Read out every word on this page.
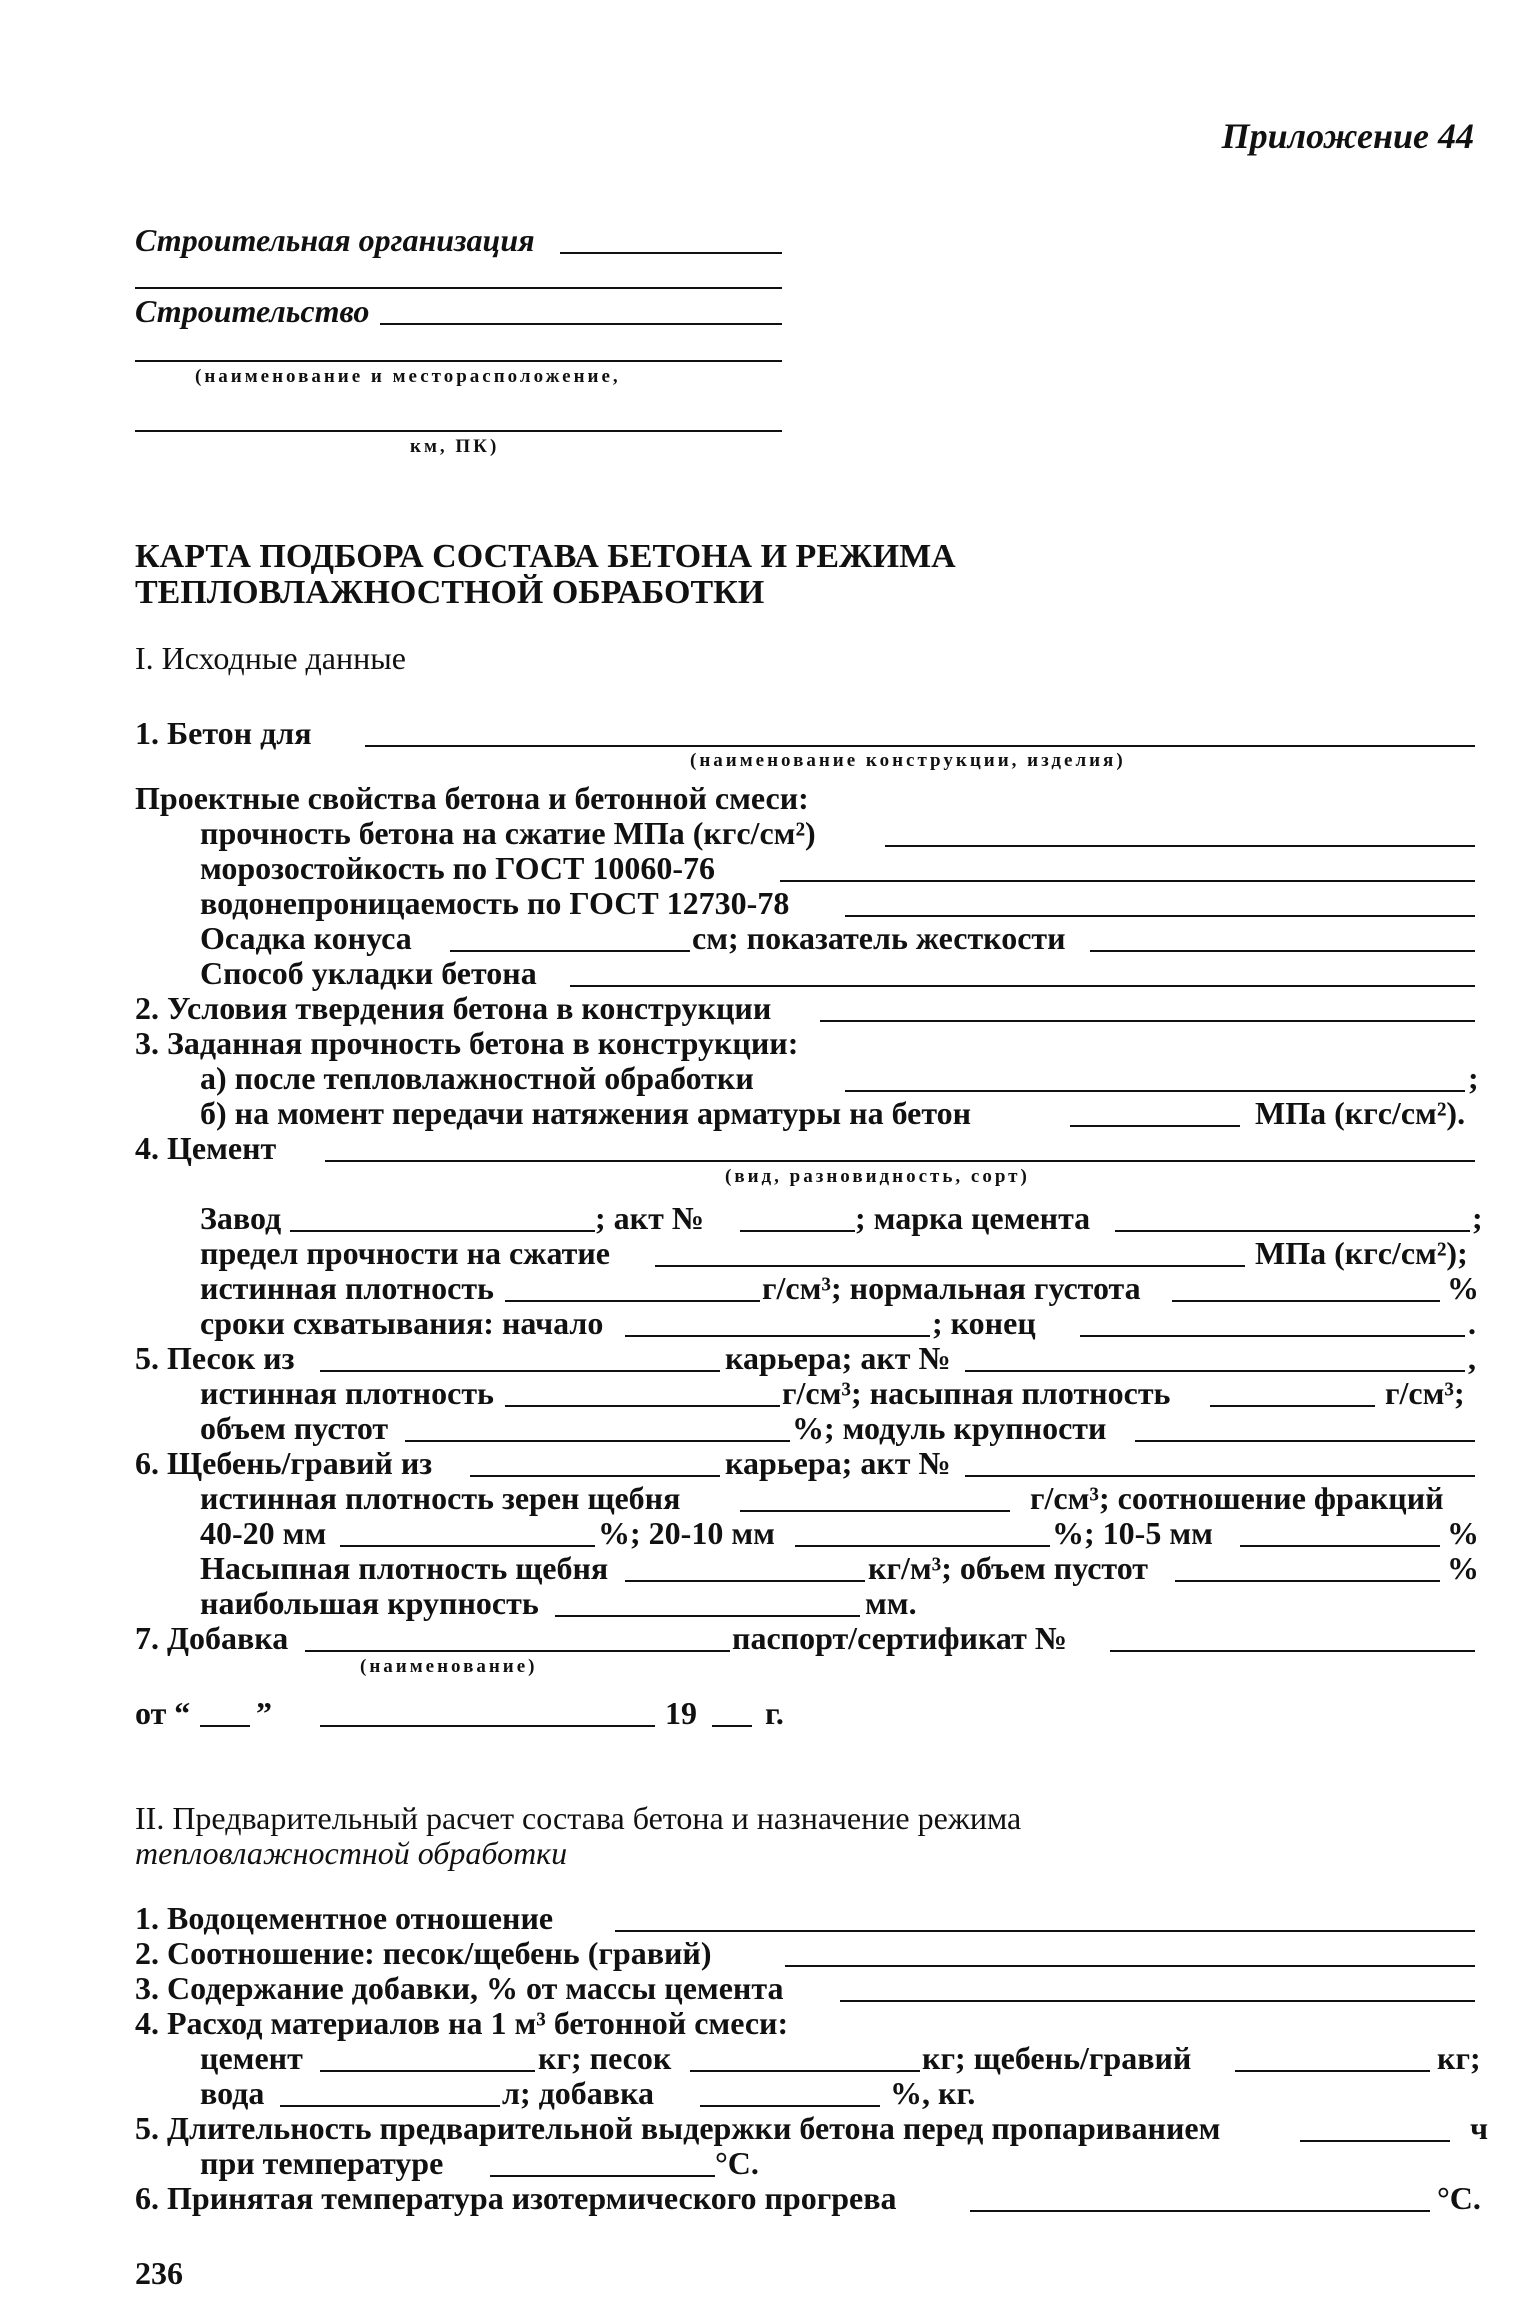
Приложение 44
Строительная организация
Строительство
(наименование и месторасположение,
км, ПК)
КАРТА ПОДБОРА СОСТАВА БЕТОНА И РЕЖИМА
ТЕПЛОВЛАЖНОСТНОЙ ОБРАБОТКИ
I. Исходные данные
1. Бетон для
(наименование конструкции, изделия)
Проектные свойства бетона и бетонной смеси:
прочность бетона на сжатие МПа (кгс/см²)
морозостойкость по ГОСТ 10060-76
водонепроницаемость по ГОСТ 12730-78
Осадка конуса	см; показатель жесткости
Способ укладки бетона
2. Условия твердения бетона в конструкции
3. Заданная прочность бетона в конструкции:
а) после тепловлажностной обработки	;
б) на момент передачи натяжения арматуры на бетон	МПа (кгс/см²).
4. Цемент
(вид, разновидность, сорт)
Завод	; акт №	; марка цемента	;
предел прочности на сжатие	МПа (кгс/см²);
истинная плотность	г/см³; нормальная густота	%
сроки схватывания: начало	; конец	.
5. Песок из	карьера; акт №	,
истинная плотность	г/см³; насыпная плотность	г/см³;
объем пустот	%; модуль крупности
6. Щебень/гравий из	карьера; акт №
истинная плотность зерен щебня	г/см³; соотношение фракций
40-20 мм	%; 20-10 мм	%; 10-5 мм	%
Насыпная плотность щебня	кг/м³; объем пустот	%
наибольшая крупность	мм.
7. Добавка	паспорт/сертификат №
(наименование)
от “ ”	19 г.
II. Предварительный расчет состава бетона и назначение режима
тепловлажностной обработки
1. Водоцементное отношение
2. Соотношение: песок/щебень (гравий)
3. Содержание добавки, % от массы цемента
4. Расход материалов на 1 м³ бетонной смеси:
цемент	кг; песок	кг; щебень/гравий	кг;
вода	л; добавка	%, кг.
5. Длительность предварительной выдержки бетона перед пропариванием	ч
при температуре	°С.
6. Принятая температура изотермического прогрева	°С.
236
